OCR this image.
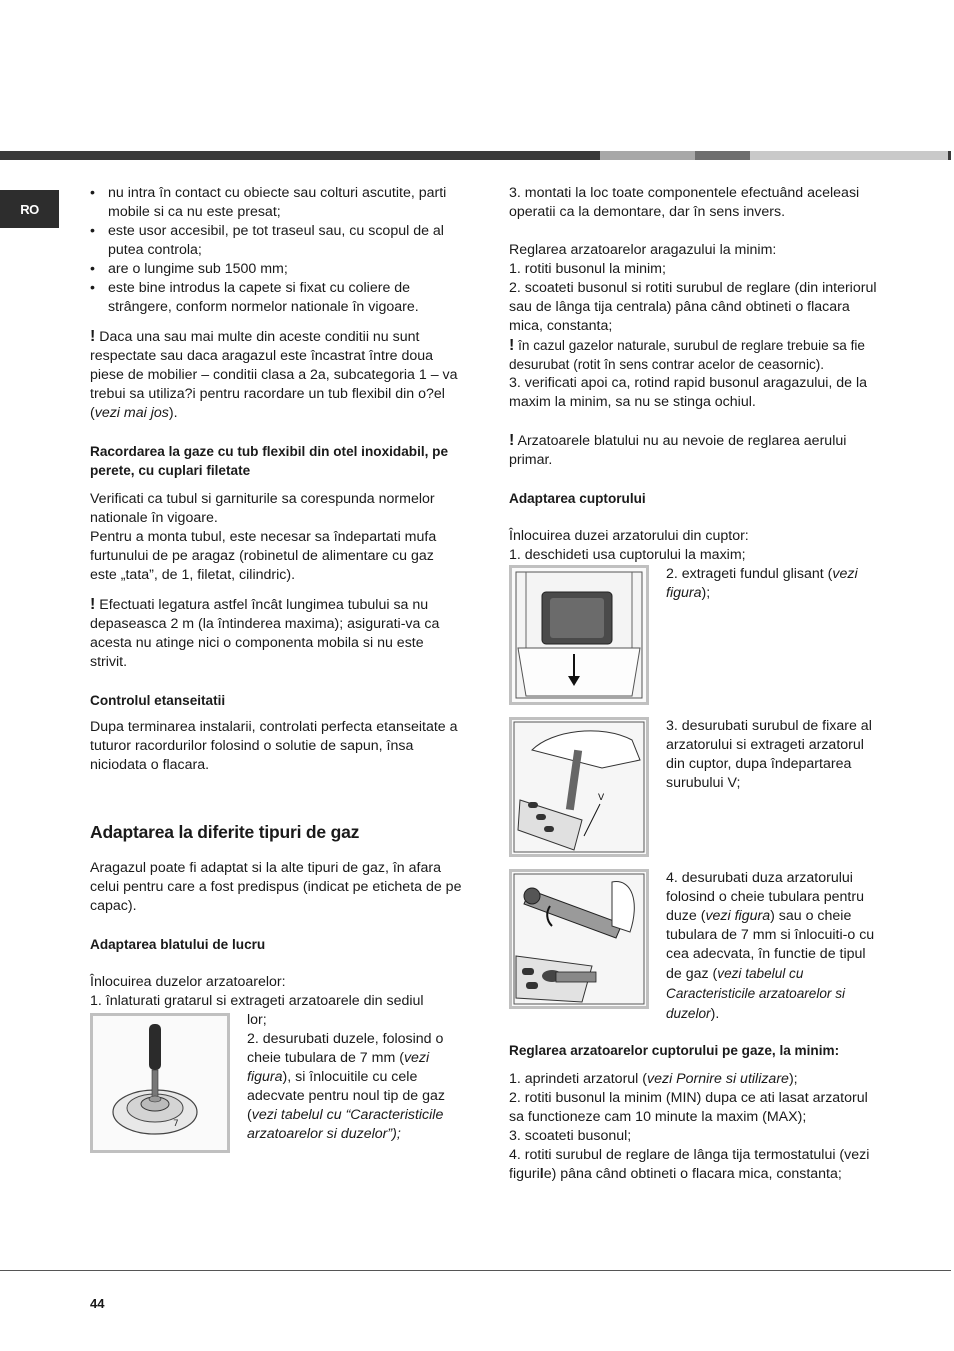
RO
• nu intra în contact cu obiecte sau colturi ascutite, parti mobile si ca nu este presat;
• este usor accesibil, pe tot traseul sau, cu scopul de al putea controla;
• are o lungime sub 1500 mm;
• este bine introdus la capete si fixat cu coliere de strângere, conform normelor nationale în vigoare.

! Daca una sau mai multe din aceste conditii nu sunt respectate sau daca aragazul este încastrat între doua piese de mobilier – conditii clasa a 2a, subcategoria 1 – va trebui sa utiliza?i pentru racordare un tub flexibil din o?el (vezi mai jos).

Racordarea la gaze cu tub flexibil din otel inoxidabil, pe perete, cu cuplari filetate

Verificati ca tubul si garniturile sa corespunda normelor nationale în vigoare.

Pentru a monta tubul, este necesar sa îndepartati mufa furtunului de pe aragaz (robinetul de alimentare cu gaz este „tata”, de 1, filetat, cilindric).

! Efectuati legatura astfel încât lungimea tubului sa nu depaseasca 2 m (la întinderea maxima); asigurati-va ca acesta nu atinge nici o componenta mobila si nu este strivit.

Controlul etanseitatii

Dupa terminarea instalarii, controlati perfecta etanseitate a tuturor racordurilor folosind o solutie de sapun, însa niciodata o flacara.

Adaptarea la diferite tipuri de gaz

Aragazul poate fi adaptat si la alte tipuri de gaz, în afara celui pentru care a fost predispus (indicat pe eticheta de pe capac).

Adaptarea blatului de lucru

Înlocuirea duzelor arzatoarelor:

1. înlaturati gratarul si extrageti arzatoarele din sediul

7

lor;

2. desurubati duzele, folosind o cheie tubulara de 7 mm (vezi figura), si înlocuitile cu cele adecvate pentru noul tip de gaz (vezi tabelul cu “Caracteristicile arzatoarelor si duzelor”);

3. montati la loc toate componentele efectuând aceleasi operatii ca la demontare, dar în sens invers.

Reglarea arzatoarelor aragazului la minim:

1. rotiti busonul la minim;

2. scoateti busonul si rotiti surubul de reglare (din interiorul sau de lânga tija centrala) pâna când obtineti o flacara mica, constanta;

! în cazul gazelor naturale, surubul de reglare trebuie sa fie desurubat (rotit în sens contrar acelor de ceasornic).

3. verificati apoi ca, rotind rapid busonul aragazului, de la maxim la minim, sa nu se stinga ochiul.

! Arzatoarele blatului nu au nevoie de reglarea aerului primar.

Adaptarea cuptorului

Înlocuirea duzei arzatorului din cuptor:

1. deschideti usa cuptorului la maxim;

2. extrageti fundul glisant (vezi figura);

V

3. desurubati surubul de fixare al arzatorului si extrageti arzatorul din cuptor, dupa îndepartarea surubului V;

4. desurubati duza arzatorului folosind o cheie tubulara pentru duze (vezi figura) sau o cheie tubulara de 7 mm si înlocuiti-o cu cea adecvata, în functie de tipul de gaz (vezi tabelul cu Caracteristicile arzatoarelor si duzelor).

Reglarea arzatoarelor cuptorului pe gaze, la minim:

1. aprindeti arzatorul (vezi Pornire si utilizare);

2. rotiti busonul la minim (MIN) dupa ce ati lasat arzatorul sa functioneze cam 10 minute la maxim (MAX);

3. scoateti busonul;

4. rotiti surubul de reglare de lânga tija termostatului (vezi figurile) pâna când obtineti o flacara mica, constanta;

44
